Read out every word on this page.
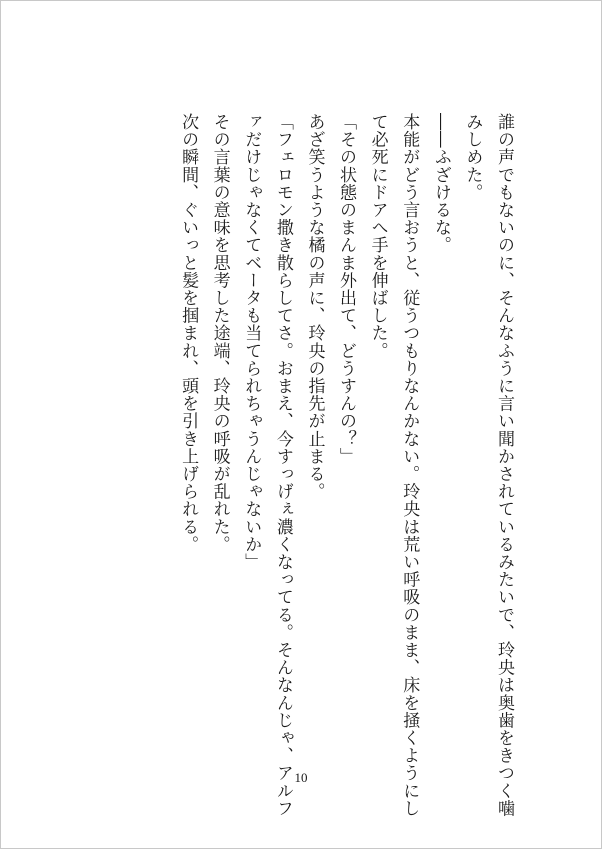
誰の声でもないのに、そんなふうに言い聞かされているみたいで、玲央は奥歯をきつく噛

みしめた。

――ふざけるな。

本能がどう言おうと、従うつもりなんかない。玲央は荒い呼吸のまま、床を掻くようにし

て必死にドアへ手を伸ばした。

「その状態のまんま外出て、どうすんの？」

あざ笑うような橘の声に、玲央の指先が止まる。

「フェロモン撒き散らしてさ。おまえ、今すっげぇ濃くなってる。そんなんじゃ、アルフ

ァだけじゃなくてベータも当てられちゃうんじゃないか」

その言葉の意味を思考した途端、玲央の呼吸が乱れた。

次の瞬間、ぐいっと髪を掴まれ、頭を引き上げられる。

10
